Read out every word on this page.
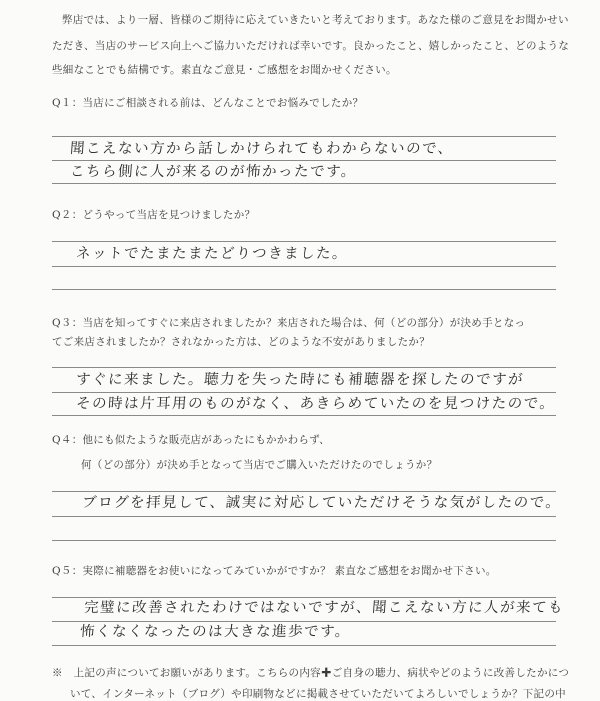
弊店では、より一層、皆様のご期待に応えていきたいと考えております。あなた様のご意見をお聞かせい
ただき、当店のサービス向上へご協力いただければ幸いです。良かったこと、嬉しかったこと、どのような
些細なことでも結構です。素直なご意見・ご感想をお聞かせください。
Q１：当店にご相談される前は、どんなことでお悩みでしたか？
聞こえない方から話しかけられてもわからないので、
こちら側に人が来るのが怖かったです。
Q２：どうやって当店を見つけましたか？
ネットでたまたまたどりつきました。
Q３：当店を知ってすぐに来店されましたか？来店された場合は、何（どの部分）が決め手となっ
てご来店されましたか？されなかった方は、どのような不安がありましたか？
すぐに来ました。聴力を失った時にも補聴器を探したのですが
その時は片耳用のものがなく、あきらめていたのを見つけたので。
Q４：他にも似たような販売店があったにもかかわらず、
何（どの部分）が決め手となって当店でご購入いただけたのでしょうか？
ブログを拝見して、誠実に対応していただけそうな気がしたので。
Q５：実際に補聴器をお使いになってみていかがですか？ 素直なご感想をお聞かせ下さい。
完璧に改善されたわけではないですが、聞こえない方に人が来ても
怖くなくなったのは大きな進歩です。
※　上記の声についてお願いがあります。こちらの内容✚ご自身の聴力、病状やどのように改善したかにつ
いて、インターネット（ブログ）や印刷物などに掲載させていただいてよろしいでしょうか？下記の中
